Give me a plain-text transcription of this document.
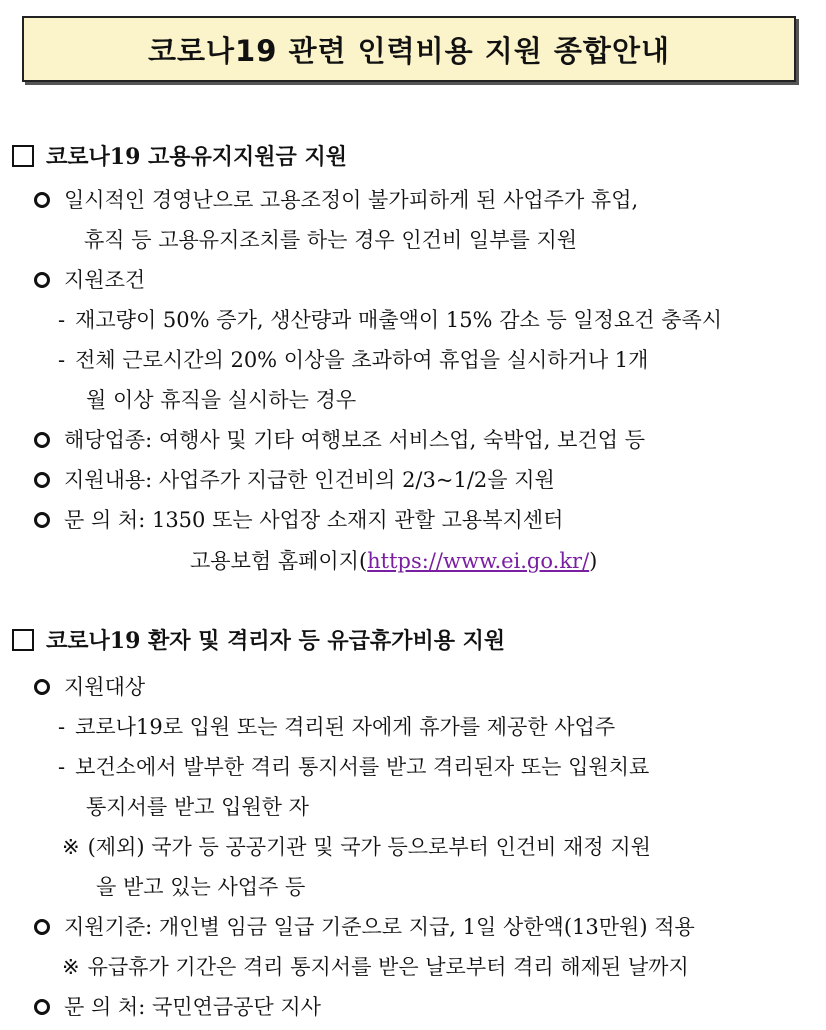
코로나19 관련 인력비용 지원 종합안내
코로나19 고용유지지원금 지원
일시적인 경영난으로 고용조정이 불가피하게 된 사업주가 휴업,
휴직 등 고용유지조치를 하는 경우 인건비 일부를 지원
지원조건
- 재고량이 50% 증가, 생산량과 매출액이 15% 감소 등 일정요건 충족시
- 전체 근로시간의 20% 이상을 초과하여 휴업을 실시하거나 1개
월 이상 휴직을 실시하는 경우
해당업종: 여행사 및 기타 여행보조 서비스업, 숙박업, 보건업 등
지원내용: 사업주가 지급한 인건비의 2/3~1/2을 지원
문 의 처: 1350 또는 사업장 소재지 관할 고용복지센터
고용보험 홈페이지(https://www.ei.go.kr/)
코로나19 환자 및 격리자 등 유급휴가비용 지원
지원대상
- 코로나19로 입원 또는 격리된 자에게 휴가를 제공한 사업주
- 보건소에서 발부한 격리 통지서를 받고 격리된자 또는 입원치료
통지서를 받고 입원한 자
※ (제외) 국가 등 공공기관 및 국가 등으로부터 인건비 재정 지원
을 받고 있는 사업주 등
지원기준: 개인별 임금 일급 기준으로 지급, 1일 상한액(13만원) 적용
※ 유급휴가 기간은 격리 통지서를 받은 날로부터 격리 해제된 날까지
문 의 처: 국민연금공단 지사
